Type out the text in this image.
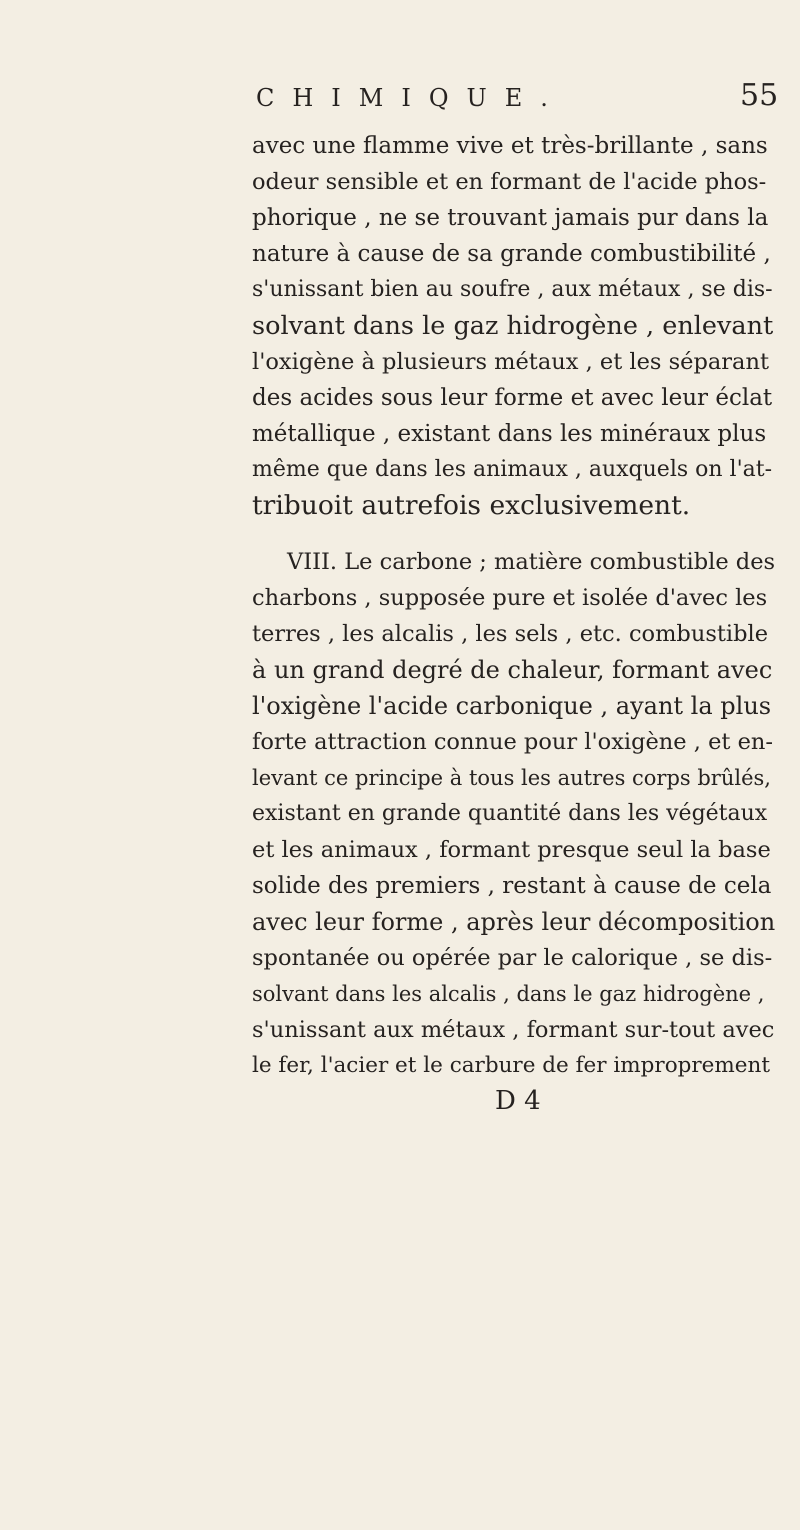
CHIMIQUE.	55
avec une flamme vive et très-brillante , sans
odeur sensible et en formant de l'acide phos-
phorique , ne se trouvant jamais pur dans la
nature à cause de sa grande combustibilité ,
s'unissant bien au soufre , aux métaux , se dis-
solvant dans le gaz hidrogène , enlevant
l'oxigène à plusieurs métaux , et les séparant
des acides sous leur forme et avec leur éclat
métallique , existant dans les minéraux plus
même que dans les animaux , auxquels on l'at-
tribuoit autrefois exclusivement.
VIII. Le carbone ; matière combustible des
charbons , supposée pure et isolée d'avec les
terres , les alcalis , les sels , etc. combustible
à un grand degré de chaleur, formant avec
l'oxigène l'acide carbonique , ayant la plus
forte attraction connue pour l'oxigène , et en-
levant ce principe à tous les autres corps brûlés,
existant en grande quantité dans les végétaux
et les animaux , formant presque seul la base
solide des premiers , restant à cause de cela
avec leur forme , après leur décomposition
spontanée ou opérée par le calorique , se dis-
solvant dans les alcalis , dans le gaz hidrogène ,
s'unissant aux métaux , formant sur-tout avec
le fer, l'acier et le carbure de fer improprement
D 4
